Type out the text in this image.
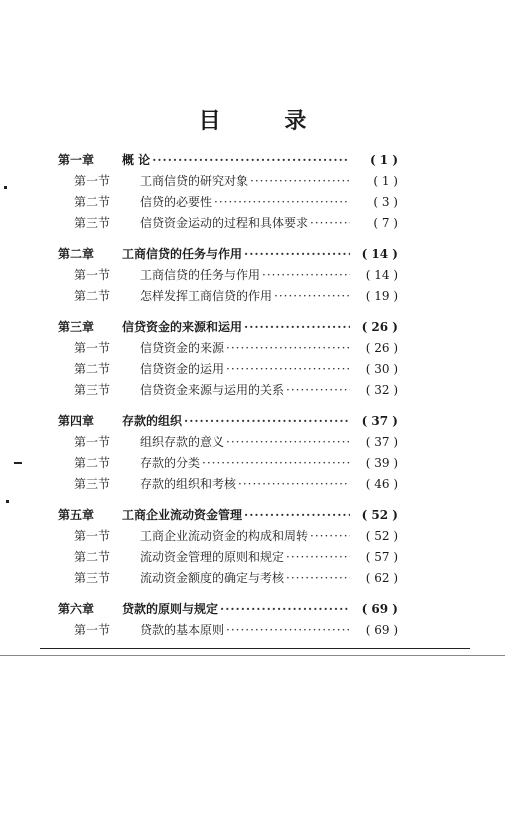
目 录
第一章	概 论 ·····	( 1 )
第一节	工商信贷的研究对象 ·····	( 1 )
第二节	信贷的必要性 ·····	( 3 )
第三节	信贷资金运动的过程和具体要求 ·····	( 7 )
第二章	工商信贷的任务与作用 ·····	( 14 )
第一节	工商信贷的任务与作用 ·····	( 14 )
第二节	怎样发挥工商信贷的作用 ·····	( 19 )
第三章	信贷资金的来源和运用 ·····	( 26 )
第一节	信贷资金的来源 ·····	( 26 )
第二节	信贷资金的运用 ·····	( 30 )
第三节	信贷资金来源与运用的关系 ·····	( 32 )
第四章	存款的组织 ·····	( 37 )
第一节	组织存款的意义 ·····	( 37 )
第二节	存款的分类 ·····	( 39 )
第三节	存款的组织和考核 ·····	( 46 )
第五章	工商企业流动资金管理 ·····	( 52 )
第一节	工商企业流动资金的构成和周转 ·····	( 52 )
第二节	流动资金管理的原则和规定 ·····	( 57 )
第三节	流动资金额度的确定与考核 ·····	( 62 )
第六章	贷款的原则与规定 ·····	( 69 )
第一节	贷款的基本原则 ·····	( 69 )
